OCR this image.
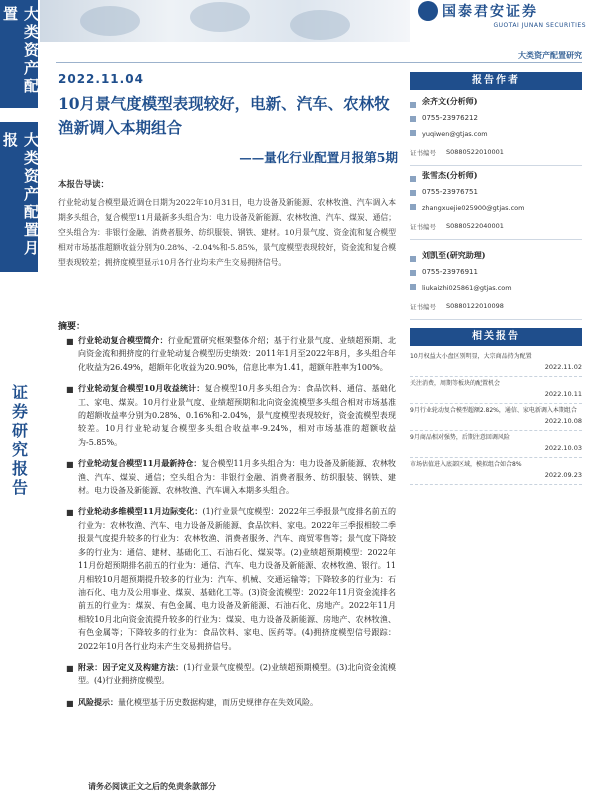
国泰君安证券
GUOTAI JUNAN SECURITIES
大类资产配置研究
大类资产配置
大类资产配置月报
证券研究报告
2022.11.04
10月景气度模型表现较好，电新、汽车、农林牧渔新调入本期组合
——量化行业配置月报第5期
本报告导读：
行业轮动复合模型最近调仓日期为2022年10月31日，电力设备及新能源、农林牧渔、汽车调入本期多头组合，复合模型11月最新多头组合为：电力设备及新能源、农林牧渔、汽车、煤炭、通信；空头组合为：非银行金融、消费者服务、纺织服装、钢铁、建材。10月景气度、资金流和复合模型相对市场基准超额收益分别为0.28%、-2.04%和-5.85%，景气度模型表现较好，资金流和复合模型表现较差；拥挤度模型显示10月各行业均未产生交易拥挤信号。
摘要：
■ 行业轮动复合模型简介：行业配置研究框架整体介绍；基于行业景气度、业绩超预期、北向资金流和拥挤度的行业轮动复合模型历史绩效：2011年1月至2022年8月，多头组合年化收益为26.49%，超额年化收益为20.90%，信息比率为1.41，超额年胜率为100%。
■ 行业轮动复合模型10月收益统计：复合模型10月多头组合为：食品饮料、通信、基础化工、家电、煤炭。10月行业景气度、业绩超预期和北向资金流模型多头组合相对市场基准的超额收益率分别为0.28%、0.16%和-2.04%，景气度模型表现较好，资金流模型表现较差。10月行业轮动复合模型多头组合收益率-9.24%，相对市场基准的超额收益为-5.85%。
■ 行业轮动复合模型11月最新持仓：复合模型11月多头组合为：电力设备及新能源、农林牧渔、汽车、煤炭、通信；空头组合为：非银行金融、消费者服务、纺织服装、钢铁、建材。电力设备及新能源、农林牧渔、汽车调入本期多头组合。
■ 行业轮动多维模型11月边际变化：(1)行业景气度模型：2022年三季报景气度排名前五的行业为：农林牧渔、汽车、电力设备及新能源、食品饮料、家电。2022年三季报相较二季报景气度提升较多的行业为：农林牧渔、消费者服务、汽车、商贸零售等；景气度下降较多的行业为：通信、建材、基础化工、石油石化、煤炭等。(2)业绩超预期模型：2022年11月份超预期排名前五的行业为：通信、汽车、电力设备及新能源、农林牧渔、银行。11月相较10月超预期提升较多的行业为：汽车、机械、交通运输等；下降较多的行业为：石油石化、电力及公用事业、煤炭、基础化工等。(3)资金流模型：2022年11月资金流排名前五的行业为：煤炭、有色金属、电力设备及新能源、石油石化、房地产。2022年11月相较10月北向资金流提升较多的行业为：煤炭、电力设备及新能源、房地产、农林牧渔、有色金属等；下降较多的行业为：食品饮料、家电、医药等。(4)拥挤度模型信号跟踪：2022年10月各行业均未产生交易拥挤信号。
■ 附录：因子定义及构建方法：(1)行业景气度模型。(2)业绩超预期模型。(3)北向资金流模型。(4)行业拥挤度模型。
■ 风险提示：量化模型基于历史数据构建，而历史规律存在失效风险。
请务必阅读正文之后的免责条款部分
报告作者
余齐文(分析师)
0755-23976212
yuqiwen@gtjas.com
证书编号 S0880522010001
张雪杰(分析师)
0755-23976751
zhangxuejie025900@gtjas.com
证书编号 S0880522040001
刘凯至(研究助理)
0755-23976911
liukaizhi025861@gtjas.com
证书编号 S0880122010098
相关报告
10月权益大小盘区别明显，大宗商品持为配置
2022.11.02
关注消费，周期等板块的配置机会
2022.10.11
9月行业轮动复合模型超额2.82%，通信、家电新调入本期组合
2022.10.08
9月商品相对强势，后期注意回调风险
2022.10.03
市场估值进入底部区域，模拟组合如合8%
2022.09.23
